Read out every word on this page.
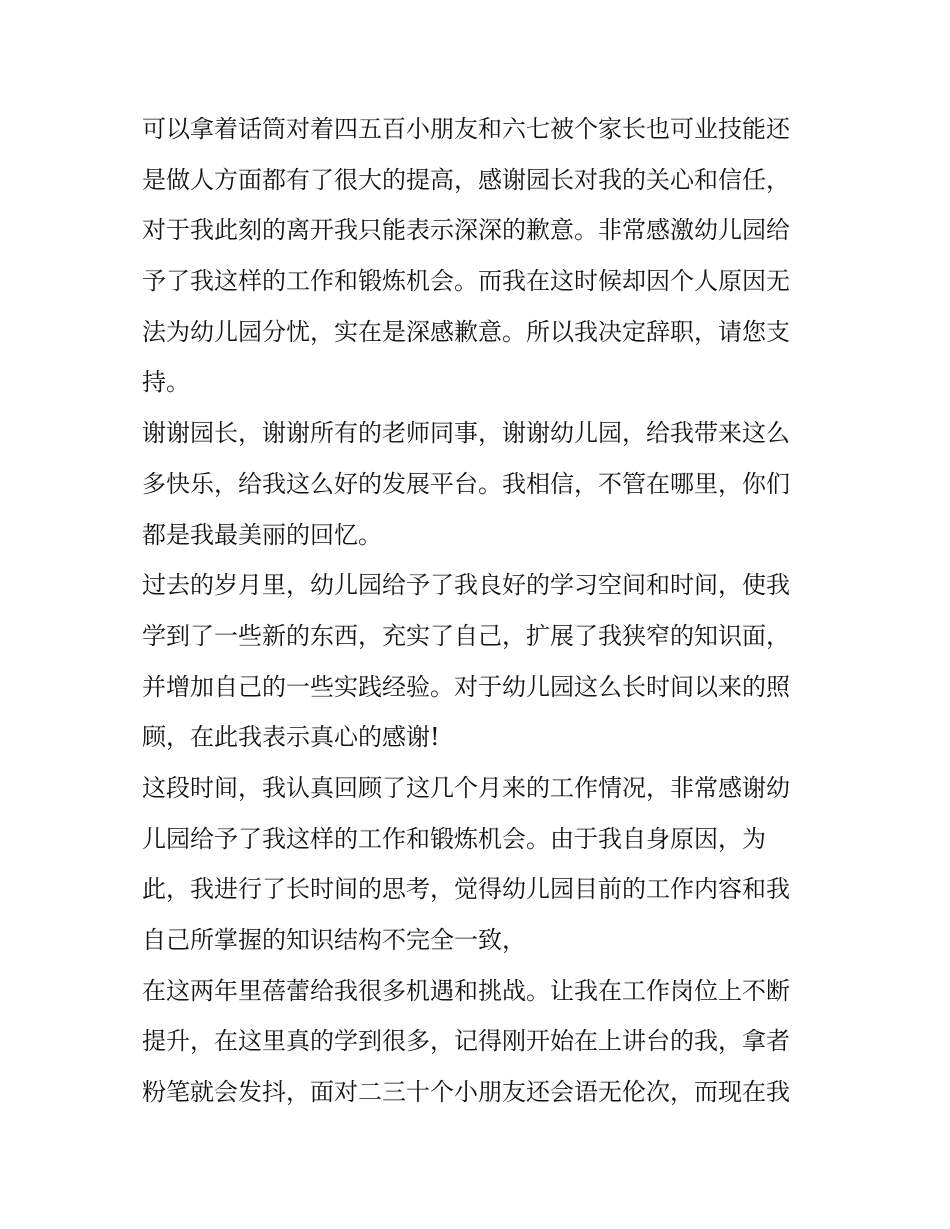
可以拿着话筒对着四五百小朋友和六七被个家长也可业技能还
是做人方面都有了很大的提高，感谢园长对我的关心和信任，
对于我此刻的离开我只能表示深深的歉意。非常感激幼儿园给
予了我这样的工作和锻炼机会。而我在这时候却因个人原因无
法为幼儿园分忧，实在是深感歉意。所以我决定辞职，请您支
持。

谢谢园长，谢谢所有的老师同事，谢谢幼儿园，给我带来这么
多快乐，给我这么好的发展平台。我相信，不管在哪里，你们
都是我最美丽的回忆。

过去的岁月里，幼儿园给予了我良好的学习空间和时间，使我
学到了一些新的东西，充实了自己，扩展了我狭窄的知识面，
并增加自己的一些实践经验。对于幼儿园这么长时间以来的照
顾，在此我表示真心的感谢!

这段时间，我认真回顾了这几个月来的工作情况，非常感谢幼
儿园给予了我这样的工作和锻炼机会。由于我自身原因，为
此，我进行了长时间的思考，觉得幼儿园目前的工作内容和我
自己所掌握的知识结构不完全一致，

在这两年里蓓蕾给我很多机遇和挑战。让我在工作岗位上不断
提升，在这里真的学到很多，记得刚开始在上讲台的我，拿者
粉笔就会发抖，面对二三十个小朋友还会语无伦次，而现在我
